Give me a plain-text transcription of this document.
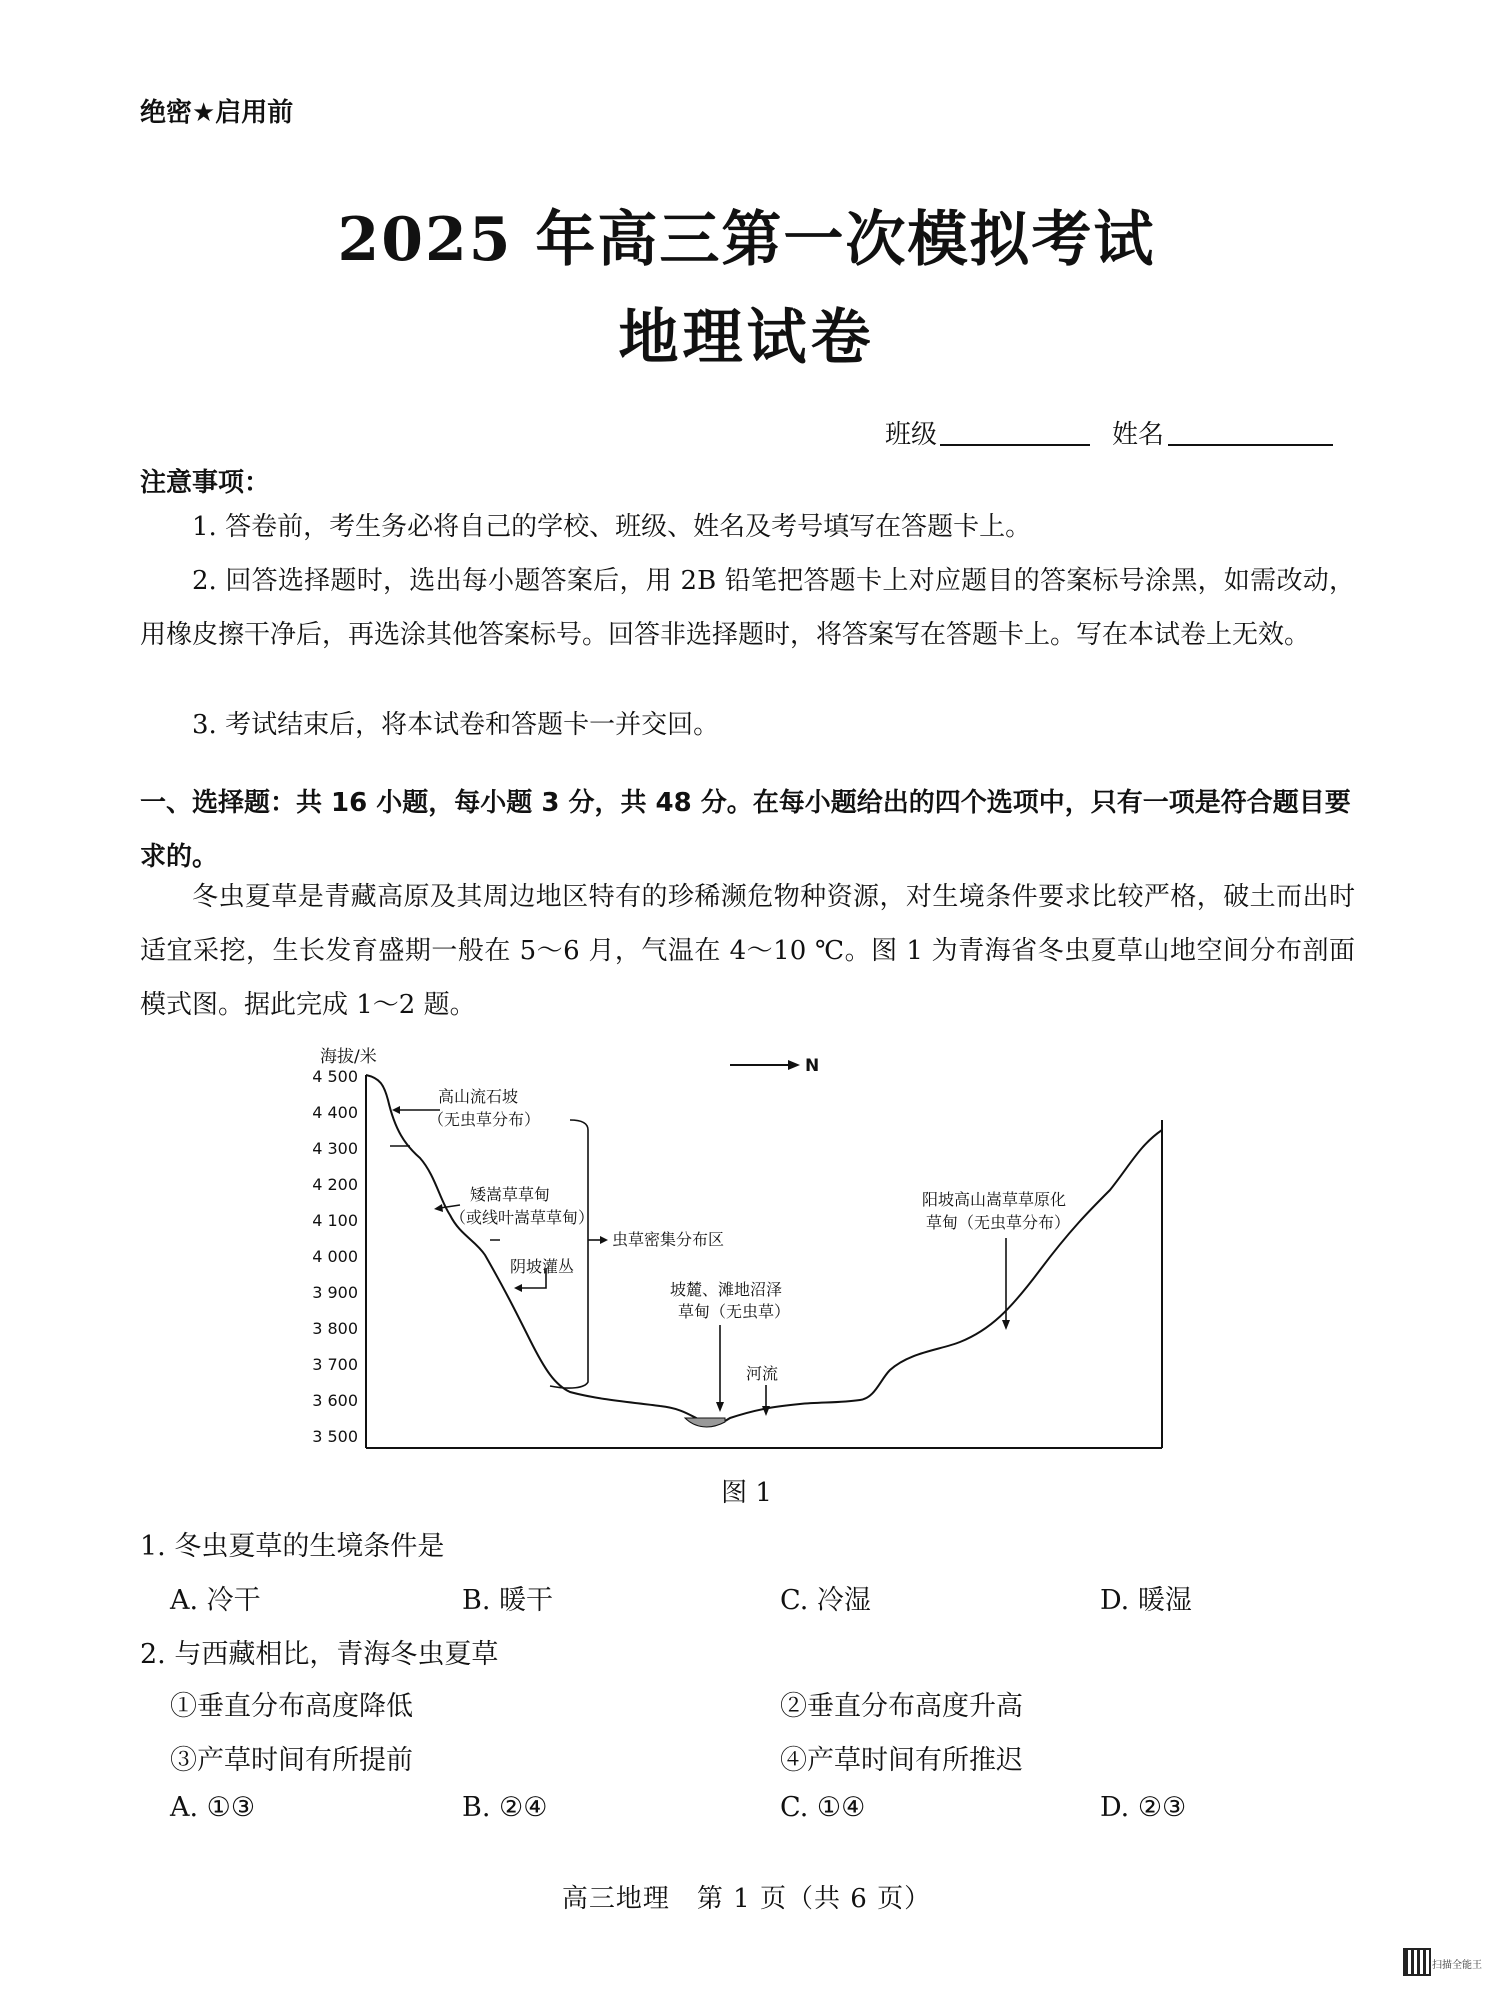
绝密★启用前
2025 年高三第一次模拟考试
地理试卷
班级	姓名
注意事项：
1. 答卷前，考生务必将自己的学校、班级、姓名及考号填写在答题卡上。
2. 回答选择题时，选出每小题答案后，用 2B 铅笔把答题卡上对应题目的答案标号涂黑，如需改动，用橡皮擦干净后，再选涂其他答案标号。回答非选择题时，将答案写在答题卡上。写在本试卷上无效。
3. 考试结束后，将本试卷和答题卡一并交回。
一、选择题：共 16 小题，每小题 3 分，共 48 分。在每小题给出的四个选项中，只有一项是符合题目要求的。
冬虫夏草是青藏高原及其周边地区特有的珍稀濒危物种资源，对生境条件要求比较严格，破土而出时适宜采挖，生长发育盛期一般在 5～6 月，气温在 4～10 ℃。图 1 为青海省冬虫夏草山地空间分布剖面模式图。据此完成 1～2 题。
海拔/米
4 500
4 400
4 300
4 200
4 100
4 000
3 900
3 800
3 700
3 600
3 500
N
高山流石坡
（无虫草分布）
矮嵩草草甸
（或线叶嵩草草甸）
虫草密集分布区
阴坡灌丛
坡麓、滩地沼泽
草甸（无虫草）
河流
阳坡高山嵩草草原化
草甸（无虫草分布）
图 1
1. 冬虫夏草的生境条件是
A. 冷干	B. 暖干	C. 冷湿	D. 暖湿
2. 与西藏相比，青海冬虫夏草
①垂直分布高度降低	②垂直分布高度升高
③产草时间有所提前	④产草时间有所推迟
A. ①③	B. ②④	C. ①④	D. ②③
高三地理　第 1 页（共 6 页）
扫描全能王
